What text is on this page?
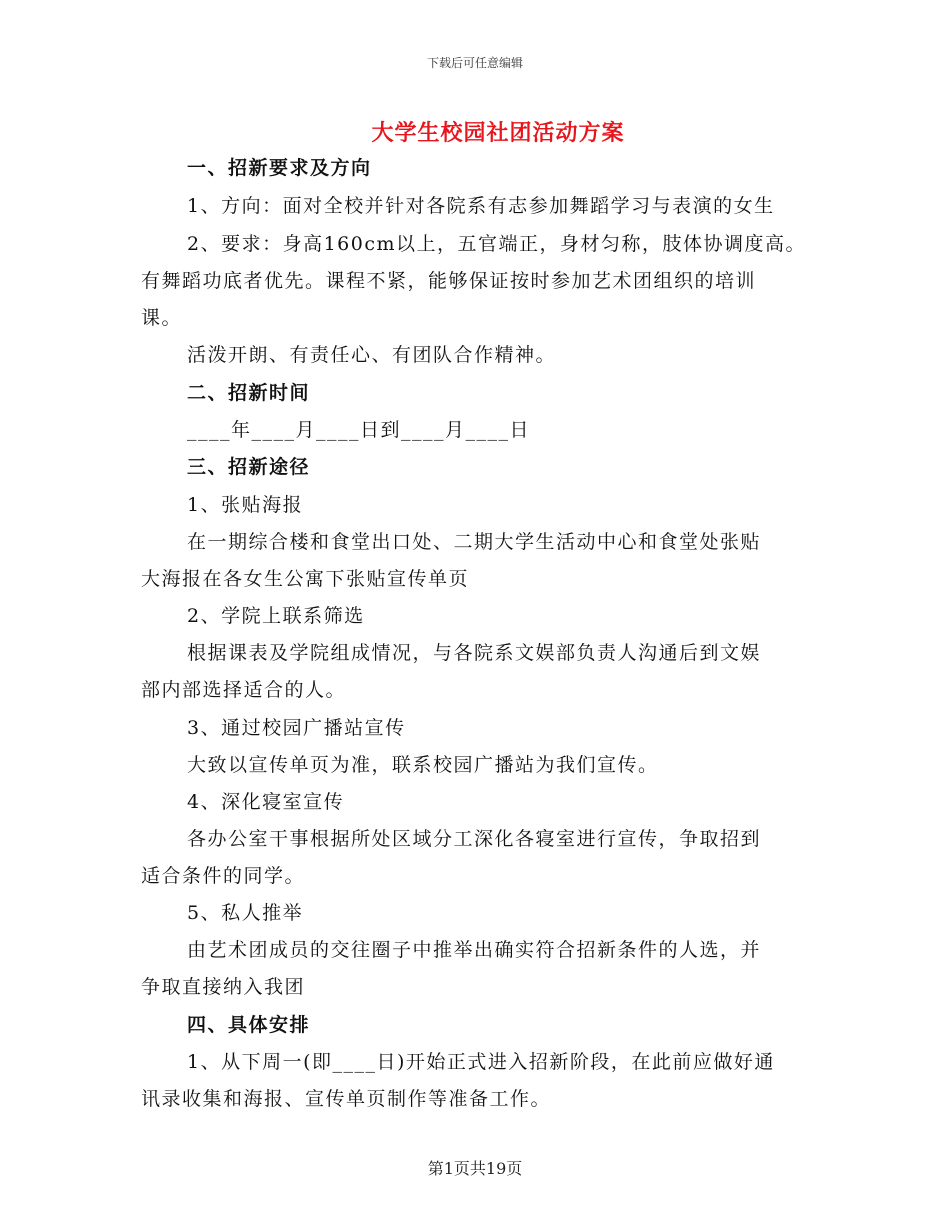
下载后可任意编辑
大学生校园社团活动方案
一、招新要求及方向
1、方向：面对全校并针对各院系有志参加舞蹈学习与表演的女生
2、要求：身高160cm以上，五官端正，身材匀称，肢体协调度高。
有舞蹈功底者优先。课程不紧，能够保证按时参加艺术团组织的培训
课。
活泼开朗、有责任心、有团队合作精神。
二、招新时间
____年____月____日到____月____日
三、招新途径
1、张贴海报
在一期综合楼和食堂出口处、二期大学生活动中心和食堂处张贴
大海报在各女生公寓下张贴宣传单页
2、学院上联系筛选
根据课表及学院组成情况，与各院系文娱部负责人沟通后到文娱
部内部选择适合的人。
3、通过校园广播站宣传
大致以宣传单页为准，联系校园广播站为我们宣传。
4、深化寝室宣传
各办公室干事根据所处区域分工深化各寝室进行宣传，争取招到
适合条件的同学。
5、私人推举
由艺术团成员的交往圈子中推举出确实符合招新条件的人选，并
争取直接纳入我团
四、具体安排
1、从下周一(即____日)开始正式进入招新阶段，在此前应做好通
讯录收集和海报、宣传单页制作等准备工作。
第1页共19页
